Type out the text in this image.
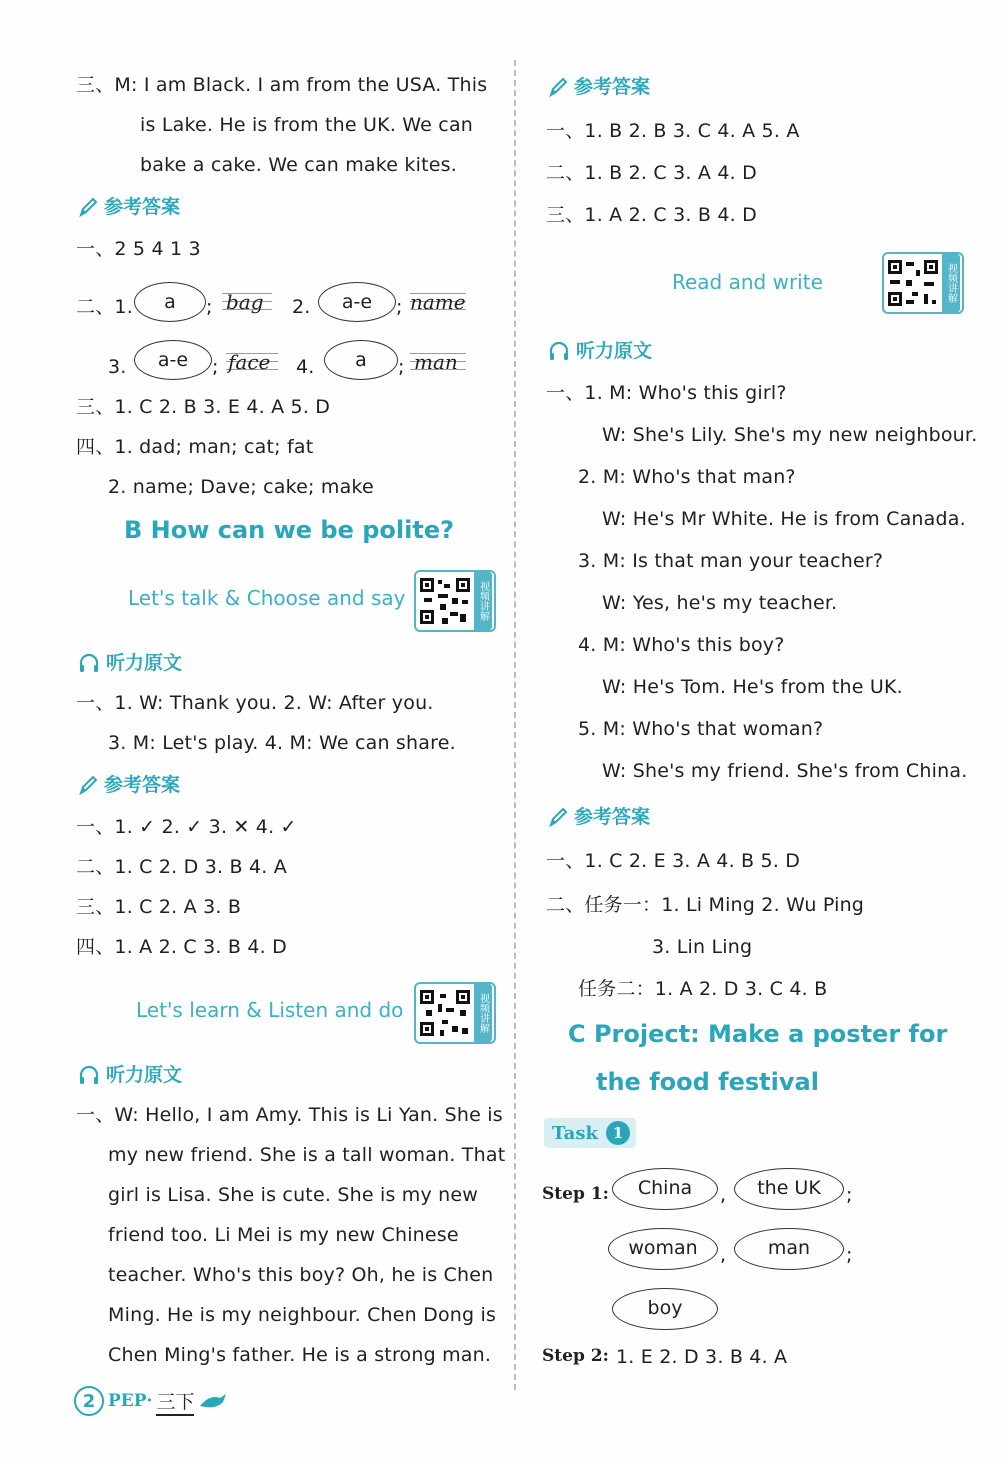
三、M: I am Black. I am from the USA. This
is Lake. He is from the UK. We can
bake a cake. We can make kites.
参考答案
一、2 5 4 1 3
二、1.	a	; bag 2.	a-e	; name
3.	a-e	; face 4.	a	; man
三、1. C 2. B 3. E 4. A 5. D
四、1. dad; man; cat; fat
2. name; Dave; cake; make
B How can we be polite?
Let's talk & Choose and say	视频讲解
听力原文
一、1. W: Thank you. 2. W: After you.
3. M: Let's play. 4. M: We can share.
参考答案
一、1. ✓ 2. ✓ 3. ✕ 4. ✓
二、1. C 2. D 3. B 4. A
三、1. C 2. A 3. B
四、1. A 2. C 3. B 4. D
Let's learn & Listen and do	视频讲解
听力原文
一、W: Hello, I am Amy. This is Li Yan. She is
my new friend. She is a tall woman. That
girl is Lisa. She is cute. She is my new
friend too. Li Mei is my new Chinese
teacher. Who's this boy? Oh, he is Chen
Ming. He is my neighbour. Chen Dong is
Chen Ming's father. He is a strong man.
2 PEP· 三下
参考答案
一、1. B 2. B 3. C 4. A 5. A
二、1. B 2. C 3. A 4. D
三、1. A 2. C 3. B 4. D
Read and write	视频讲解
听力原文
一、1. M: Who's this girl?
W: She's Lily. She's my new neighbour.
2. M: Who's that man?
W: He's Mr White. He is from Canada.
3. M: Is that man your teacher?
W: Yes, he's my teacher.
4. M: Who's this boy?
W: He's Tom. He's from the UK.
5. M: Who's that woman?
W: She's my friend. She's from China.
参考答案
一、1. C 2. E 3. A 4. B 5. D
二、任务一：1. Li Ming 2. Wu Ping
3. Lin Ling
任务二：1. A 2. D 3. C 4. B
C Project: Make a poster for
the food festival
Task 1
Step 1:	China	,	the UK	;
woman	,	man	;
boy
Step 2: 1. E 2. D 3. B 4. A
